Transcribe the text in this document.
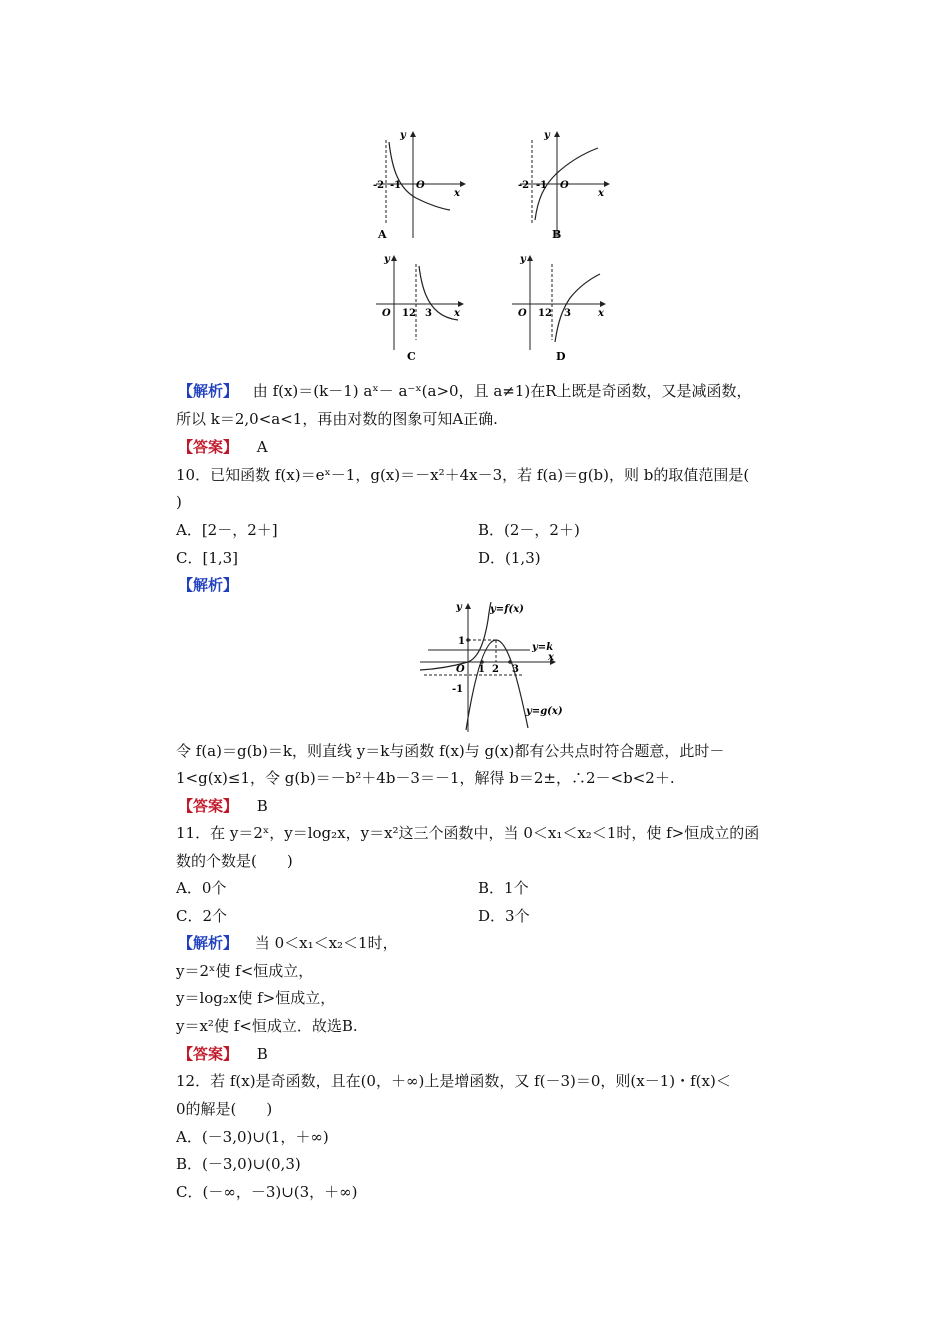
-2 -1 O
x
y
A
-2 -1 O
x
y
B
O 1 2 3 x
y
C
O 1 2 3	x
y
D
【解析】 由 f(x)＝(k－1) aˣ－ a⁻ˣ(a>0，且 a≠1)在R上既是奇函数，又是减函数，
所以 k＝2,0<a<1，再由对数的图象可知A正确.
【答案】 A
10．已知函数 f(x)＝eˣ－1，g(x)＝－x²＋4x－3，若 f(a)＝g(b)，则 b的取值范围是(
)
A．[2－，2＋]	B．(2－，2＋)
C．[1,3]	D．(1,3)
【解析】
y	y=f(x)
y=k
x
y=g(x)
1
-1
O 1 2 3
令 f(a)＝g(b)＝k，则直线 y＝k与函数 f(x)与 g(x)都有公共点时符合题意，此时－
1<g(x)≤1，令 g(b)＝－b²＋4b－3＝－1，解得 b＝2±，∴2－<b<2＋.
【答案】 B
11．在 y＝2ˣ，y＝log₂x，y＝x²这三个函数中，当 0＜x₁＜x₂＜1时，使 f>恒成立的函
数的个数是(　　)
A．0个	B．1个
C．2个	D．3个
【解析】 当 0＜x₁＜x₂＜1时，
y＝2ˣ使 f<恒成立，
y＝log₂x使 f>恒成立，
y＝x²使 f<恒成立．故选B.
【答案】 B
12．若 f(x)是奇函数，且在(0，＋∞)上是增函数，又 f(－3)＝0，则(x－1)・f(x)＜
0的解是(　　)
A．(－3,0)∪(1，＋∞)
B．(－3,0)∪(0,3)
C．(－∞，－3)∪(3，＋∞)
